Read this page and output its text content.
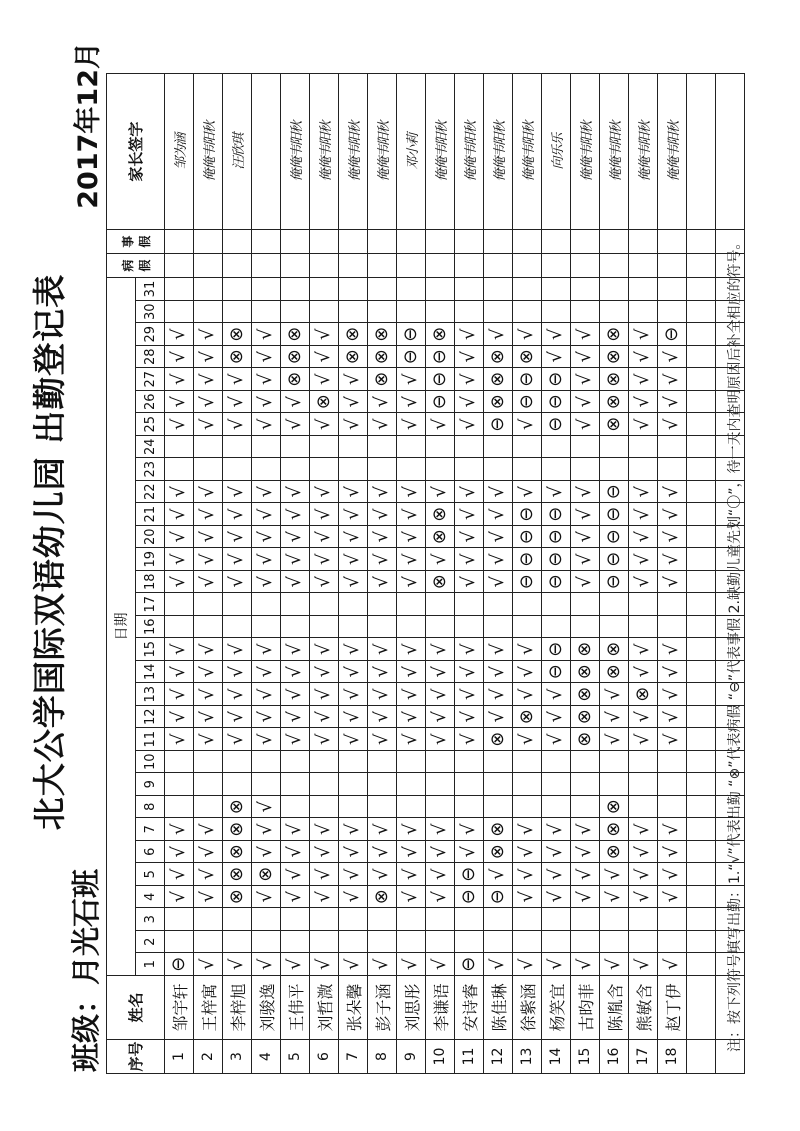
北大公学国际双语幼儿园 出勤登记表
班级：月光石班
2017年12月
序号	姓名	日期																															病假	事假	家长签字
		1	2	3	4	5	6	7	8	9	10	11	12	13	14	15	16	17	18	19	20	21	22	23	24	25	26	27	28	29	30	31			
1	邹宇轩	⊖			√	√	√	√				√	√	√	√	√			√	√	√	√	√			√	√	√	√	√					邹为涵
2	王梓寓	√			√	√	√	√				√	√	√	√	√			√	√	√	√	√			√	√	√	√	√					俺俺韦阳秋
3	李梓旭	√			⊗	⊗	⊗	⊗	⊗			√	√	√	√	√			√	√	√	√	√			√	√	√	⊗	⊗					汪欣琪
4	刘骏逸	√			√	⊗	√	√	√			√	√	√	√	√			√	√	√	√	√			√	√	√	√	√					
5	王伟平	√			√	√	√	√				√	√	√	√	√			√	√	√	√	√			√	√	⊗	⊗	⊗					俺俺韦阳秋
6	刘哲溦	√			√	√	√	√				√	√	√	√	√			√	√	√	√	√			√	⊗	√	√	√					俺俺韦阳秋
7	张朵馨	√			√	√	√	√				√	√	√	√	√			√	√	√	√	√			√	√	√	⊗	⊗					俺俺韦阳秋
8	彭子涵	√			⊗	√	√	√				√	√	√	√	√			√	√	√	√	√			√	√	⊗	⊗	⊗					俺俺韦阳秋
9	刘思彤	√			√	√	√	√				√	√	√	√	√			√	√	√	√	√			√	√	√	⊖	⊖					邓小莉
10	李谦语	√			√	√	√	√				√	√	√	√	√			⊗	√	⊗	⊗	√			√	⊖	⊖	⊖	⊗					俺俺韦阳秋
11	安诗睿	⊖			⊖	⊖	√	√				√	√	√	√	√			√	√	√	√	√			√	√	√	√	√					俺俺韦阳秋
12	陈佳琳	√			⊖	√	⊗	⊗				⊗	√	√	√	√			√	√	√	√	√			⊖	⊗	⊗	⊗	√					俺俺韦阳秋
13	徐紫涵	√			√	√	√	√				√	⊗	√	√	√			⊖	⊖	⊖	⊖	√			√	⊖	⊖	⊗	√					俺俺韦阳秋
14	杨笑宜	√			√	√	√	√				√	√	√	⊖	⊖			⊖	⊖	⊖	⊖	√			⊖	⊖	⊖	√	√					向乐乐
15	古昀菲	√			√	√	√	√				⊗	⊗	⊗	⊗	⊗			√	√	√	√	√			√	√	√	√	√					俺俺韦阳秋
16	陈胤含	√			√	√	⊗	⊗	⊗			√	√	√	⊗	⊗			⊖	⊖	⊖	⊖	⊖			⊗	⊗	⊗	⊗	⊗					俺俺韦阳秋
17	熊敏含	√			√	√	√	√				√	√	⊗	√	√			√	√	√	√	√			√	√	√	√	√					俺俺韦阳秋
18	赵丁伊	√			√	√	√	√				√	√	√	√	√			√	√	√	√	√			√	√	√	√	⊖					俺俺韦阳秋

注：按下列符号填写出勤：1.“√”代表出勤 “⊗”代表病假 “⊖”代表事假 2.缺勤儿童先划“〇”，待一天内查明原因后补全相应的符号。
